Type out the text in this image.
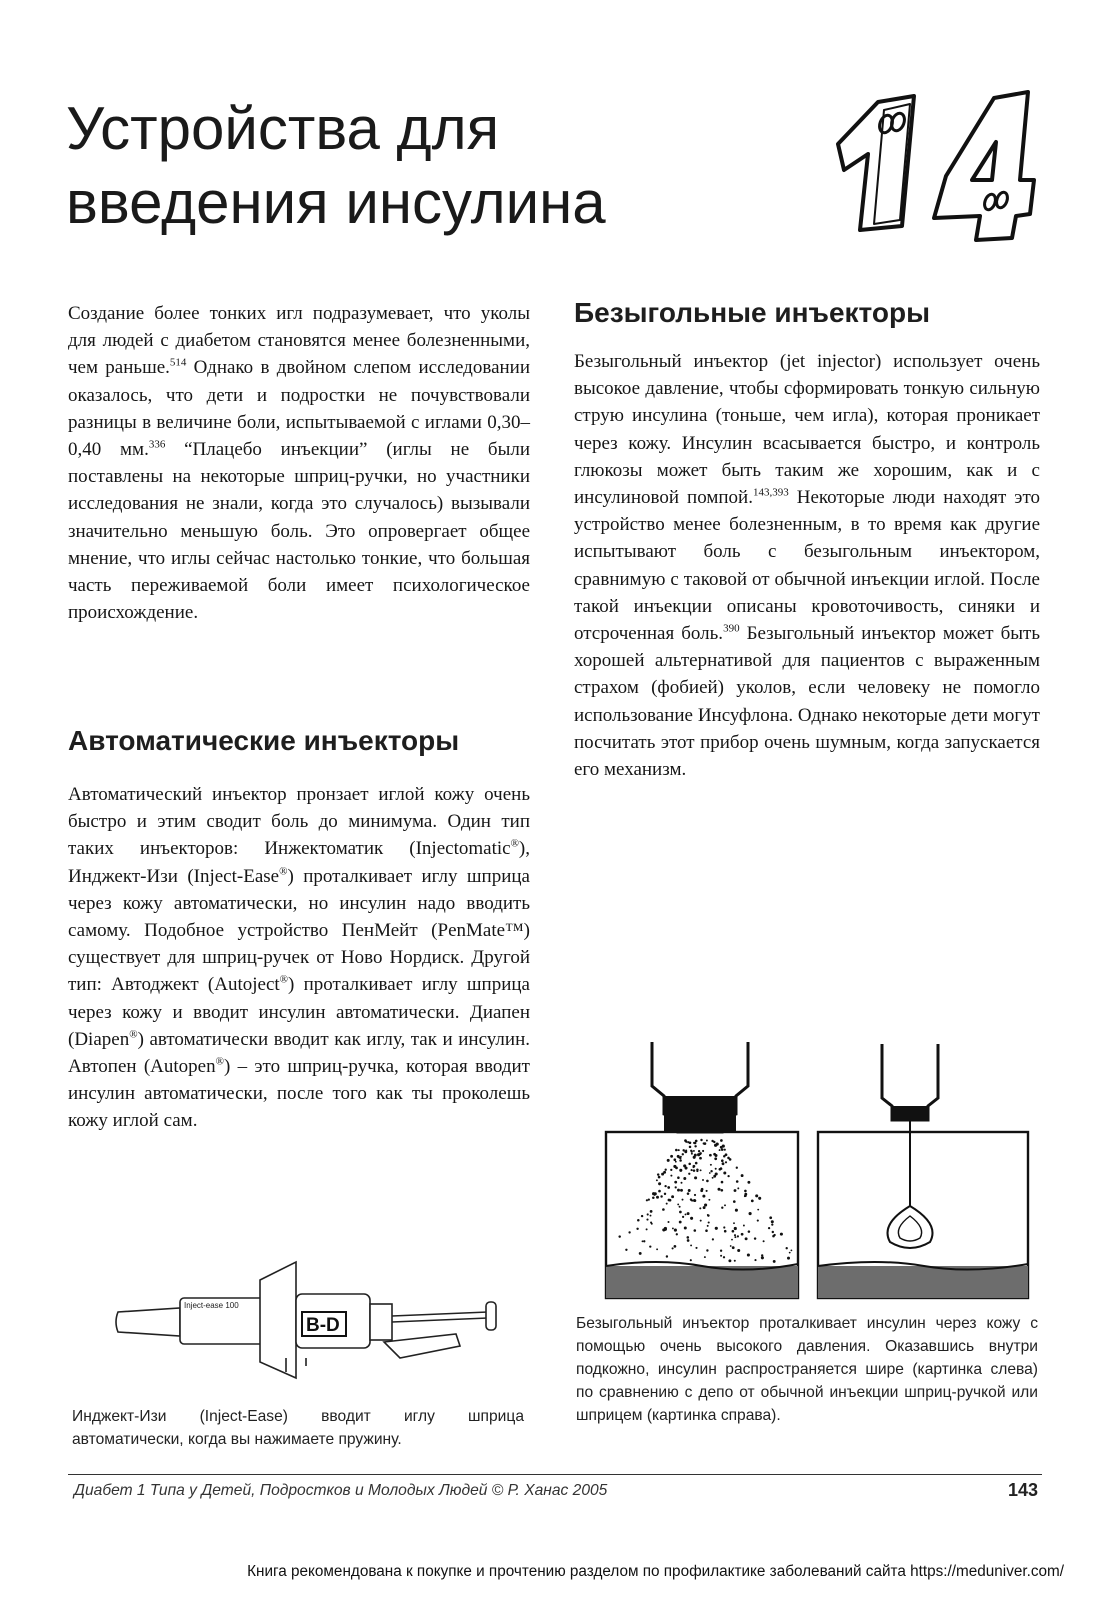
Устройства для
введения инсулина

Создание более тонких игл подразумевает, что уколы для людей с диабетом становятся менее болезненными, чем раньше.$^{514}$ Однако в двойном слепом исследовании оказалось, что дети и подростки не почувствовали разницы в величине боли, испытываемой с иглами 0,30–0,40 мм.$^{336}$ “Плацебо инъекции” (иглы не были поставлены на некоторые шприц-ручки, но участники исследования не знали, когда это случалось) вызывали значительно меньшую боль. Это опровергает общее мнение, что иглы сейчас настолько тонкие, что большая часть переживаемой боли имеет психологическое происхождение.

Автоматические инъекторы

Автоматический инъектор пронзает иглой кожу очень быстро и этим сводит боль до минимума. Один тип таких инъекторов: Инжектоматик (Injectomatic®), Инджект-Изи (Inject-Ease®) проталкивает иглу шприца через кожу автоматически, но инсулин надо вводить самому. Подобное устройство ПенМейт (PenMate™) существует для шприц-ручек от Ново Нордиск. Другой тип: Автоджект (Autoject®) проталкивает иглу шприца через кожу и вводит инсулин автоматически. Диапен (Diapen®) автоматически вводит как иглу, так и инсулин. Автопен (Autopen®) – это шприц-ручка, которая вводит инсулин автоматически, после того как ты проколешь кожу иглой сам.

Безыгольные инъекторы

Безыгольный инъектор (jet injector) использует очень высокое давление, чтобы сформировать тонкую сильную струю инсулина (тоньше, чем игла), которая проникает через кожу. Инсулин всасывается быстро, и контроль глюкозы может быть таким же хорошим, как и с инсулиновой помпой.$^{143,393}$ Некоторые люди находят это устройство менее болезненным, в то время как другие испытывают боль с безыгольным инъектором, сравнимую с таковой от обычной инъекции иглой. После такой инъекции описаны кровоточивость, синяки и отсроченная боль.$^{390}$ Безыгольный инъектор может быть хорошей альтернативой для пациентов с выраженным страхом (фобией) уколов, если человеку не помогло использование Инсуфлона. Однако некоторые дети могут посчитать этот прибор очень шумным, когда запускается его механизм.

Inject-ease 100
B-D

Инджект-Изи (Inject-Ease) вводит иглу шприца автоматически, когда вы нажимаете пружину.

Безыгольный инъектор проталкивает инсулин через кожу с помощью очень высокого давления. Оказавшись внутри подкожно, инсулин распространяется шире (картинка слева) по сравнению с депо от обычной инъекции шприц-ручкой или шприцем (картинка справа).

Диабет 1 Типа у Детей, Подростков и Молодых Людей © Р. Ханас 2005	143
Книга рекомендована к покупке и прочтению разделом по профилактике заболеваний сайта https://meduniver.com/
